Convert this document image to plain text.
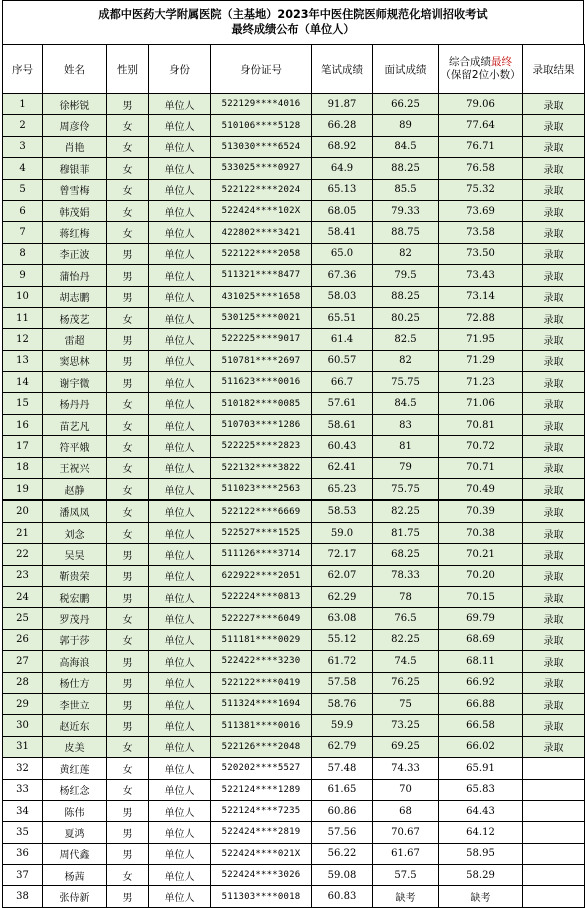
成都中医药大学附属医院（主基地）2023年中医住院医师规范化培训招收考试
最终成绩公布（单位人）
序号	姓名	性别	身份	身份证号	笔试成绩	面试成绩	综合成绩最终
（保留2位小数）	录取结果
1	徐彬锐	男	单位人	522129****4016	91.87	66.25	79.06	录取
2	周彦伶	女	单位人	510106****5128	66.28	89	77.64	录取
3	肖艳	女	单位人	513030****6524	68.92	84.5	76.71	录取
4	穆银菲	女	单位人	533025****0927	64.9	88.25	76.58	录取
5	曾雪梅	女	单位人	522122****2024	65.13	85.5	75.32	录取
6	韩茂娟	女	单位人	522424****102X	68.05	79.33	73.69	录取
7	蒋红梅	女	单位人	422802****3421	58.41	88.75	73.58	录取
8	李正波	男	单位人	522122****2058	65.0	82	73.50	录取
9	蒲怡丹	男	单位人	511321****8477	67.36	79.5	73.43	录取
10	胡志鹏	男	单位人	431025****1658	58.03	88.25	73.14	录取
11	杨茂艺	女	单位人	530125****0021	65.51	80.25	72.88	录取
12	雷超	男	单位人	522225****9017	61.4	82.5	71.95	录取
13	窦思林	男	单位人	510781****2697	60.57	82	71.29	录取
14	谢宇微	男	单位人	511623****0016	66.7	75.75	71.23	录取
15	杨丹丹	女	单位人	510182****0085	57.61	84.5	71.06	录取
16	苗艺凡	女	单位人	510703****1286	58.61	83	70.81	录取
17	符平娥	女	单位人	522225****2823	60.43	81	70.72	录取
18	王祝兴	女	单位人	522132****3822	62.41	79	70.71	录取
19	赵静	女	单位人	511023****2563	65.23	75.75	70.49	录取
20	潘凤凤	女	单位人	522122****6669	58.53	82.25	70.39	录取
21	刘念	女	单位人	522527****1525	59.0	81.75	70.38	录取
22	吴昊	男	单位人	511126****3714	72.17	68.25	70.21	录取
23	靳贵荣	男	单位人	622922****2051	62.07	78.33	70.20	录取
24	税宏鹏	男	单位人	522224****0813	62.29	78	70.15	录取
25	罗茂丹	女	单位人	522227****6049	63.08	76.5	69.79	录取
26	郭于莎	女	单位人	511181****0029	55.12	82.25	68.69	录取
27	高海浪	男	单位人	522422****3230	61.72	74.5	68.11	录取
28	杨仕方	男	单位人	522122****0419	57.58	76.25	66.92	录取
29	李世立	男	单位人	511324****1694	58.76	75	66.88	录取
30	赵近东	男	单位人	511381****0016	59.9	73.25	66.58	录取
31	皮美	女	单位人	522126****2048	62.79	69.25	66.02	录取
32	黄红莲	女	单位人	520202****5527	57.48	74.33	65.91	
33	杨红念	女	单位人	522124****1289	61.65	70	65.83	
34	陈伟	男	单位人	522124****7235	60.86	68	64.43	
35	夏鸿	男	单位人	522424****2819	57.56	70.67	64.12	
36	周代鑫	男	单位人	522424****021X	56.22	61.67	58.95	
37	杨茜	女	单位人	522424****3026	59.08	57.5	58.29	
38	张侍新	男	单位人	511303****0018	60.83	缺考	缺考	
